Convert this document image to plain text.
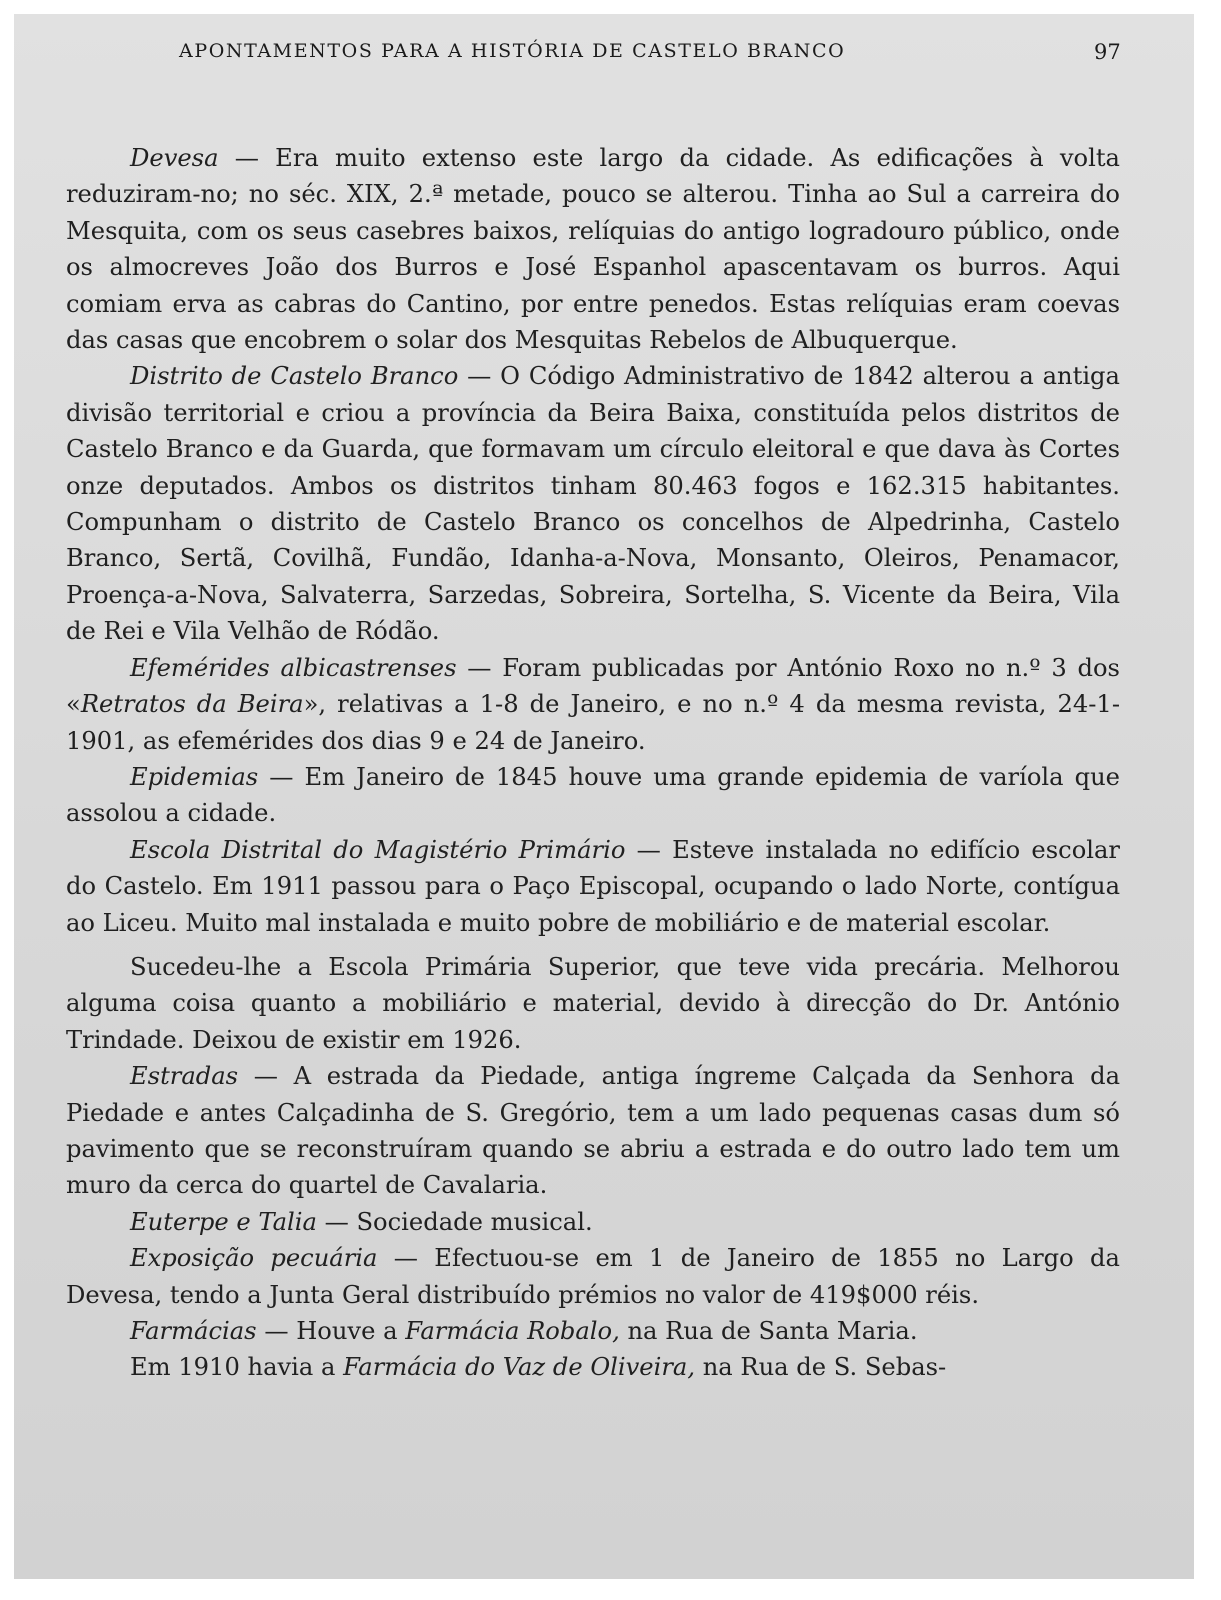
APONTAMENTOS PARA A HISTÓRIA DE CASTELO BRANCO	97

Devesa — Era muito extenso este largo da cidade. As edificações à volta reduziram-no; no séc. XIX, 2.ª metade, pouco se alterou. Tinha ao Sul a carreira do Mesquita, com os seus casebres baixos, relíquias do antigo logradouro público, onde os almocreves João dos Burros e José Espanhol apascentavam os burros. Aqui comiam erva as cabras do Cantino, por entre penedos. Estas relíquias eram coevas das casas que encobrem o solar dos Mesquitas Rebelos de Albuquerque.

Distrito de Castelo Branco — O Código Administrativo de 1842 alterou a antiga divisão territorial e criou a província da Beira Baixa, constituída pelos distritos de Castelo Branco e da Guarda, que formavam um círculo eleitoral e que dava às Cortes onze deputados. Ambos os distritos tinham 80.463 fogos e 162.315 habitantes. Compunham o distrito de Castelo Branco os concelhos de Alpedrinha, Castelo Branco, Sertã, Covilhã, Fundão, Idanha-a-Nova, Monsanto, Oleiros, Penamacor, Proença-a-Nova, Salvaterra, Sarzedas, Sobreira, Sortelha, S. Vicente da Beira, Vila de Rei e Vila Velhão de Ródão.

Efemérides albicastrenses — Foram publicadas por António Roxo no n.º 3 dos «Retratos da Beira», relativas a 1-8 de Janeiro, e no n.º 4 da mesma revista, 24-1-1901, as efemérides dos dias 9 e 24 de Janeiro.

Epidemias — Em Janeiro de 1845 houve uma grande epidemia de varíola que assolou a cidade.

Escola Distrital do Magistério Primário — Esteve instalada no edifício escolar do Castelo. Em 1911 passou para o Paço Episcopal, ocupando o lado Norte, contígua ao Liceu. Muito mal instalada e muito pobre de mobiliário e de material escolar.

Sucedeu-lhe a Escola Primária Superior, que teve vida precária. Melhorou alguma coisa quanto a mobiliário e material, devido à direcção do Dr. António Trindade. Deixou de existir em 1926.

Estradas — A estrada da Piedade, antiga íngreme Calçada da Senhora da Piedade e antes Calçadinha de S. Gregório, tem a um lado pequenas casas dum só pavimento que se reconstruíram quando se abriu a estrada e do outro lado tem um muro da cerca do quartel de Cavalaria.

Euterpe e Talia — Sociedade musical.

Exposição pecuária — Efectuou-se em 1 de Janeiro de 1855 no Largo da Devesa, tendo a Junta Geral distribuído prémios no valor de 419$000 réis.

Farmácias — Houve a Farmácia Robalo, na Rua de Santa Maria.

Em 1910 havia a Farmácia do Vaz de Oliveira, na Rua de S. Sebas-
